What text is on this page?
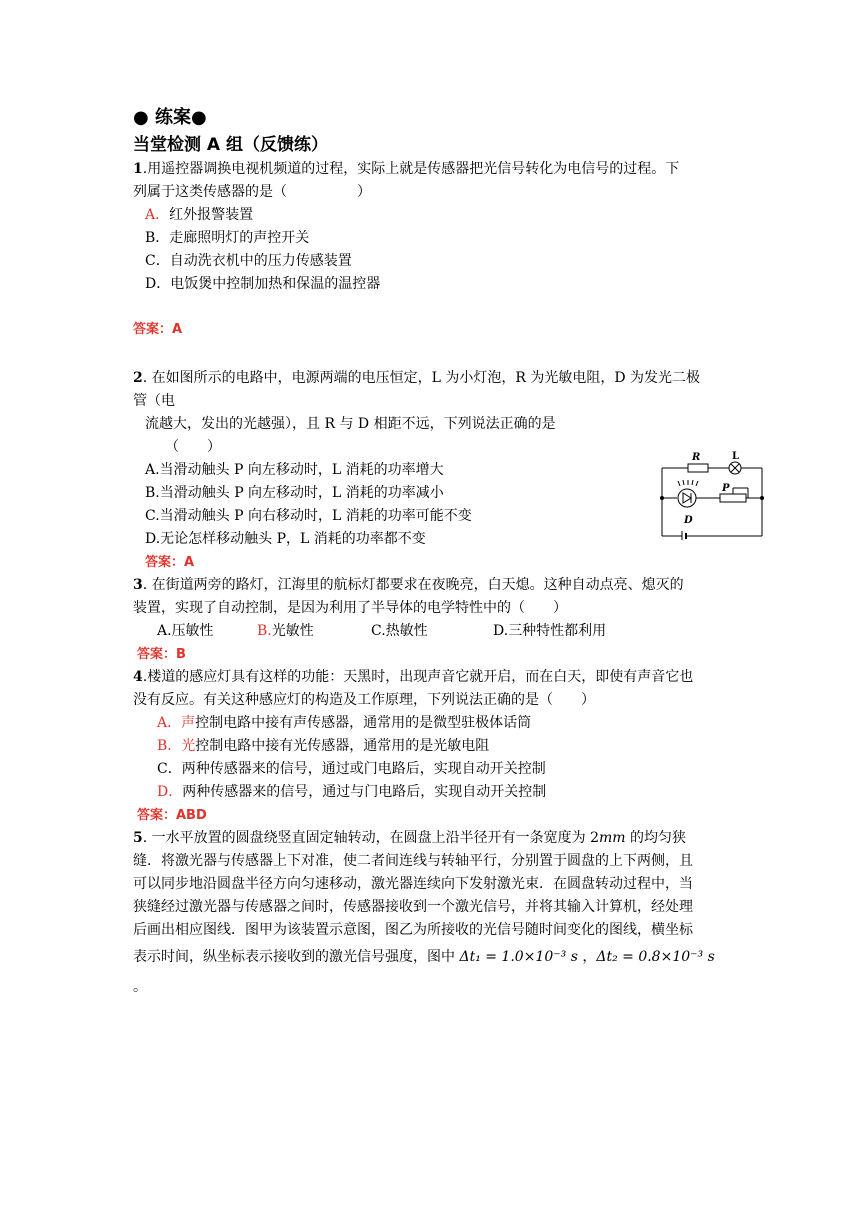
● 练案●
当堂检测 A 组（反馈练）

1.用遥控器调换电视机频道的过程，实际上就是传感器把光信号转化为电信号的过程。下

列属于这类传感器的是（　　　　　）

A．红外报警装置

B．走廊照明灯的声控开关

C．自动洗衣机中的压力传感装置

D．电饭煲中控制加热和保温的温控器

答案：A

2. 在如图所示的电路中，电源两端的电压恒定，L 为小灯泡，R 为光敏电阻，D 为发光二极

管（电

流越大，发出的光越强），且 R 与 D 相距不远，下列说法正确的是

（　　）

A.当滑动触头 P 向左移动时，L 消耗的功率增大

B.当滑动触头 P 向左移动时，L 消耗的功率减小

C.当滑动触头 P 向右移动时，L 消耗的功率可能不变

D.无论怎样移动触头 P，L 消耗的功率都不变

答案：A

3. 在街道两旁的路灯，江海里的航标灯都要求在夜晚亮，白天熄。这种自动点亮、熄灭的

装置，实现了自动控制，是因为利用了半导体的电学特性中的（　　）

A.压敏性	B.光敏性	C.热敏性	D.三种特性都利用

答案：B

4.楼道的感应灯具有这样的功能：天黑时，出现声音它就开启，而在白天，即使有声音它也

没有反应。有关这种感应灯的构造及工作原理，下列说法正确的是（　　）

A．声控制电路中接有声传感器，通常用的是微型驻极体话筒

B．光控制电路中接有光传感器，通常用的是光敏电阻

C．两种传感器来的信号，通过或门电路后，实现自动开关控制

D．两种传感器来的信号，通过与门电路后，实现自动开关控制

答案：ABD

5. 一水平放置的圆盘绕竖直固定轴转动，在圆盘上沿半径开有一条宽度为 2mm 的均匀狭

缝．将激光器与传感器上下对准，使二者间连线与转轴平行，分别置于圆盘的上下两侧，且

可以同步地沿圆盘半径方向匀速移动，激光器连续向下发射激光束．在圆盘转动过程中，当

狭缝经过激光器与传感器之间时，传感器接收到一个激光信号，并将其输入计算机，经处理

后画出相应图线．图甲为该装置示意图，图乙为所接收的光信号随时间变化的图线，横坐标

表示时间，纵坐标表示接收到的激光信号强度，图中 Δt₁ = 1.0×10⁻³ s ，Δt₂ = 0.8×10⁻³ s 。

R	L
P
D
